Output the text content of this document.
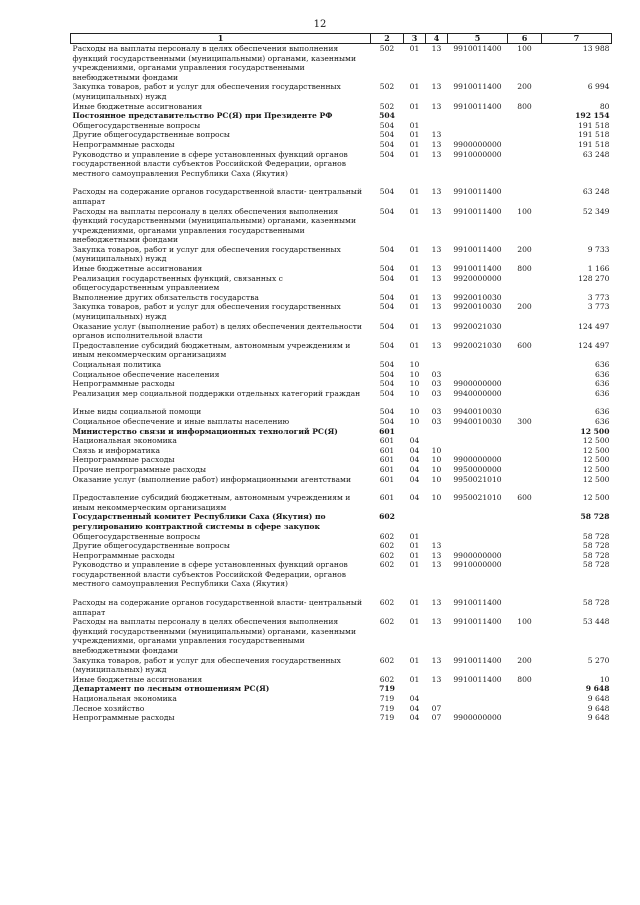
12
1	2	3	4	5	6	7
Расходы на выплаты персоналу в целях обеспечения выполнения функций государственными (муниципальными) органами, казенными учреждениями, органами управления государственными внебюджетными фондами	502	01	13	9910011400	100	13 988
Закупка товаров, работ и услуг для обеспечения государственных (муниципальных) нужд	502	01	13	9910011400	200	6 994
Иные бюджетные ассигнования	502	01	13	9910011400	800	80
Постоянное представительство РС(Я) при Президенте РФ	504					192 154
Общегосударственные вопросы	504	01				191 518
Другие общегосударственные вопросы	504	01	13			191 518
Непрограммные расходы	504	01	13	9900000000		191 518
Руководство и управление в сфере установленных функций органов государственной власти субъектов Российской Федерации, органов местного самоуправления Республики Саха (Якутия)	504	01	13	9910000000		63 248
Расходы на содержание органов государственной власти- центральный аппарат	504	01	13	9910011400		63 248
Расходы на выплаты персоналу в целях обеспечения выполнения функций государственными (муниципальными) органами, казенными учреждениями, органами управления государственными внебюджетными фондами	504	01	13	9910011400	100	52 349
Закупка товаров, работ и услуг для обеспечения государственных (муниципальных) нужд	504	01	13	9910011400	200	9 733
Иные бюджетные ассигнования	504	01	13	9910011400	800	1 166
Реализация государственных функций, связанных с общегосударственным управлением	504	01	13	9920000000		128 270
Выполнение других обязательств государства	504	01	13	9920010030		3 773
Закупка товаров, работ и услуг для обеспечения государственных (муниципальных) нужд	504	01	13	9920010030	200	3 773
Оказание услуг (выполнение работ) в целях обеспечения деятельности органов исполнительной власти	504	01	13	9920021030		124 497
Предоставление субсидий бюджетным, автономным учреждениям и иным некоммерческим организациям	504	01	13	9920021030	600	124 497
Социальная политика	504	10				636
Социальное обеспечение населения	504	10	03			636
Непрограммные расходы	504	10	03	9900000000		636
Реализация мер социальной поддержки отдельных категорий граждан	504	10	03	9940000000		636
Иные виды социальной помощи	504	10	03	9940010030		636
Социальное обеспечение и иные выплаты населению	504	10	03	9940010030	300	636
Министерство связи и информационных технологий РС(Я)	601					12 500
Национальная экономика	601	04				12 500
Связь и информатика	601	04	10			12 500
Непрограммные расходы	601	04	10	9900000000		12 500
Прочие непрограммные расходы	601	04	10	9950000000		12 500
Оказание услуг (выполнение работ) информационными агентствами	601	04	10	9950021010		12 500
Предоставление субсидий бюджетным, автономным учреждениям и иным некоммерческим организациям	601	04	10	9950021010	600	12 500
Государственный комитет Республики Саха (Якутия) по регулированию контрактной системы в сфере закупок	602					58 728
Общегосударственные вопросы	602	01				58 728
Другие общегосударственные вопросы	602	01	13			58 728
Непрограммные расходы	602	01	13	9900000000		58 728
Руководство и управление в сфере установленных функций органов государственной власти субъектов Российской Федерации, органов местного самоуправления Республики Саха (Якутия)	602	01	13	9910000000		58 728
Расходы на содержание органов государственной власти- центральный аппарат	602	01	13	9910011400		58 728
Расходы на выплаты персоналу в целях обеспечения выполнения функций государственными (муниципальными) органами, казенными учреждениями, органами управления государственными внебюджетными фондами	602	01	13	9910011400	100	53 448
Закупка товаров, работ и услуг для обеспечения государственных (муниципальных) нужд	602	01	13	9910011400	200	5 270
Иные бюджетные ассигнования	602	01	13	9910011400	800	10
Департамент по лесным отношениям РС(Я)	719					9 648
Национальная экономика	719	04				9 648
Лесное хозяйство	719	04	07			9 648
Непрограммные расходы	719	04	07	9900000000		9 648
